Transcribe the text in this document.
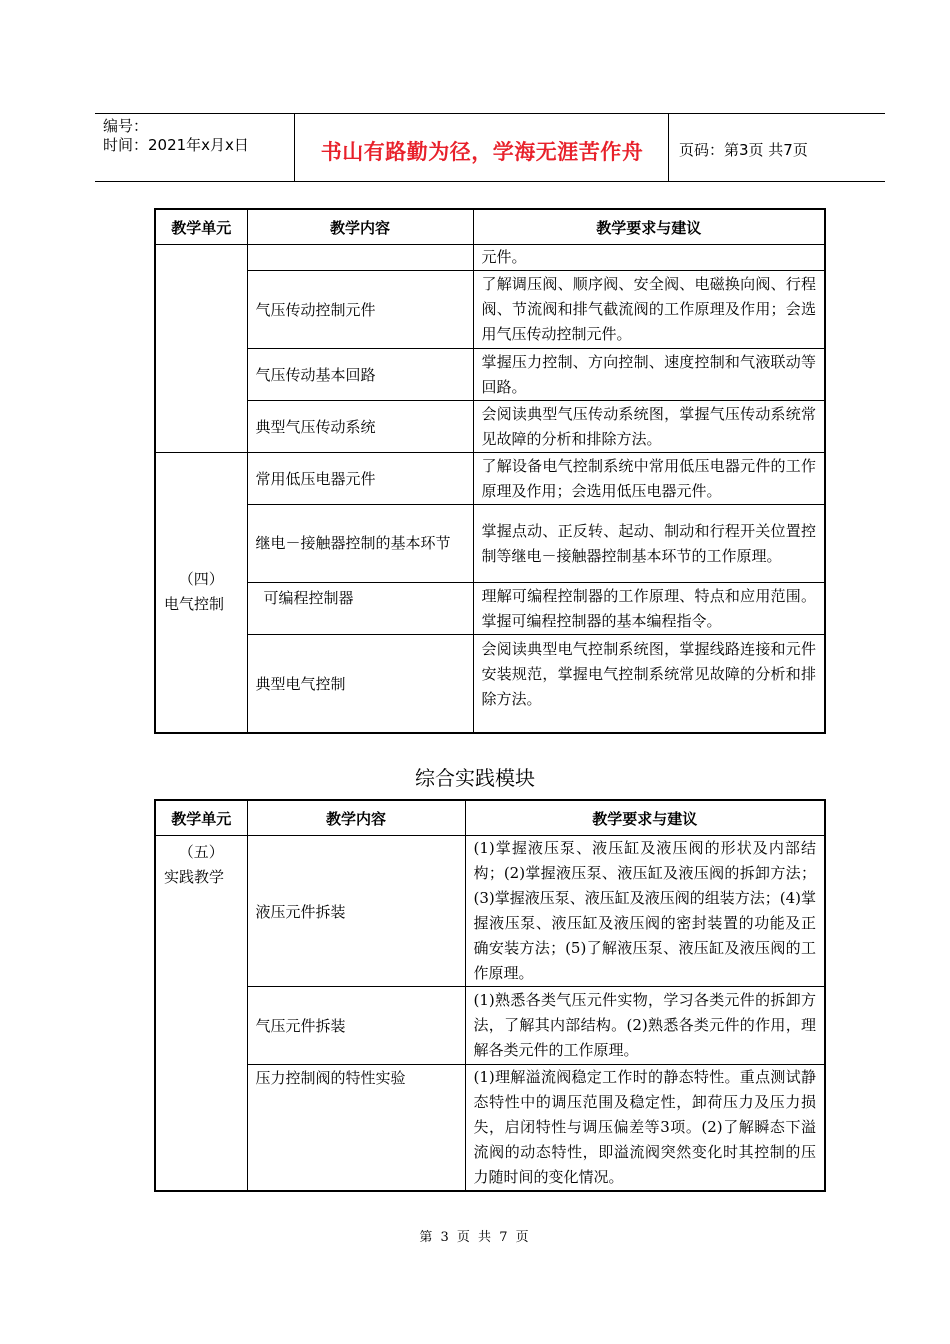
编号：
时间：2021年x月x日	书山有路勤为径，学海无涯苦作舟	页码：第3页 共7页
教学单元	教学内容	教学要求与建议
		元件。
	气压传动控制元件	了解调压阀、顺序阀、安全阀、电磁换向阀、行程阀、节流阀和排气截流阀的工作原理及作用；会选用气压传动控制元件。
	气压传动基本回路	掌握压力控制、方向控制、速度控制和气液联动等回路。
	典型气压传动系统	会阅读典型气压传动系统图，掌握气压传动系统常见故障的分析和排除方法。

（四）
电气控制	常用低压电器元件	了解设备电气控制系统中常用低压电器元件的工作原理及作用；会选用低压电器元件。
	继电－接触器控制的基本环节	掌握点动、正反转、起动、制动和行程开关位置控制等继电－接触器控制基本环节的工作原理。
	可编程控制器	理解可编程控制器的工作原理、特点和应用范围。掌握可编程控制器的基本编程指令。
	典型电气控制	会阅读典型电气控制系统图，掌握线路连接和元件安装规范，掌握电气控制系统常见故障的分析和排除方法。
综合实践模块
教学单元	教学内容	教学要求与建议

（五）
实践教学	液压元件拆装	(1)掌握液压泵、液压缸及液压阀的形状及内部结构；(2)掌握液压泵、液压缸及液压阀的拆卸方法；(3)掌握液压泵、液压缸及液压阀的组装方法；(4)掌握液压泵、液压缸及液压阀的密封装置的功能及正确安装方法；(5)了解液压泵、液压缸及液压阀的工作原理。
	气压元件拆装	(1)熟悉各类气压元件实物，学习各类元件的拆卸方法，了解其内部结构。(2)熟悉各类元件的作用，理解各类元件的工作原理。
	压力控制阀的特性实验	(1)理解溢流阀稳定工作时的静态特性。重点测试静态特性中的调压范围及稳定性，卸荷压力及压力损失，启闭特性与调压偏差等3项。(2)了解瞬态下溢流阀的动态特性，即溢流阀突然变化时其控制的压力随时间的变化情况。
第 3 页 共 7 页
